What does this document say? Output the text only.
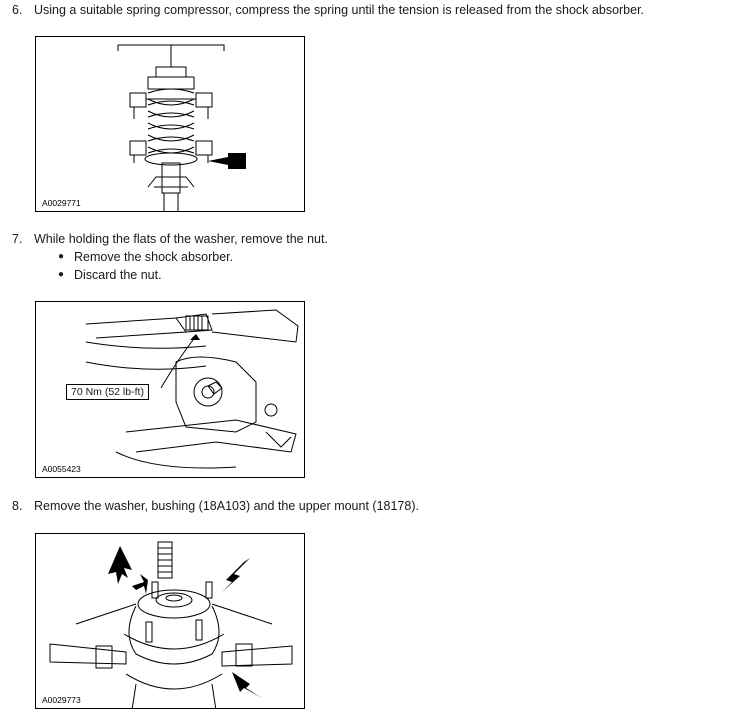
6. Using a suitable spring compressor, compress the spring until the tension is released from the shock absorber.
A0029771
7. While holding the flats of the washer, remove the nut.
● Remove the shock absorber.
● Discard the nut.
70 Nm (52 lb-ft)
A0055423
8. Remove the washer, bushing (18A103) and the upper mount (18178).
A0029773
